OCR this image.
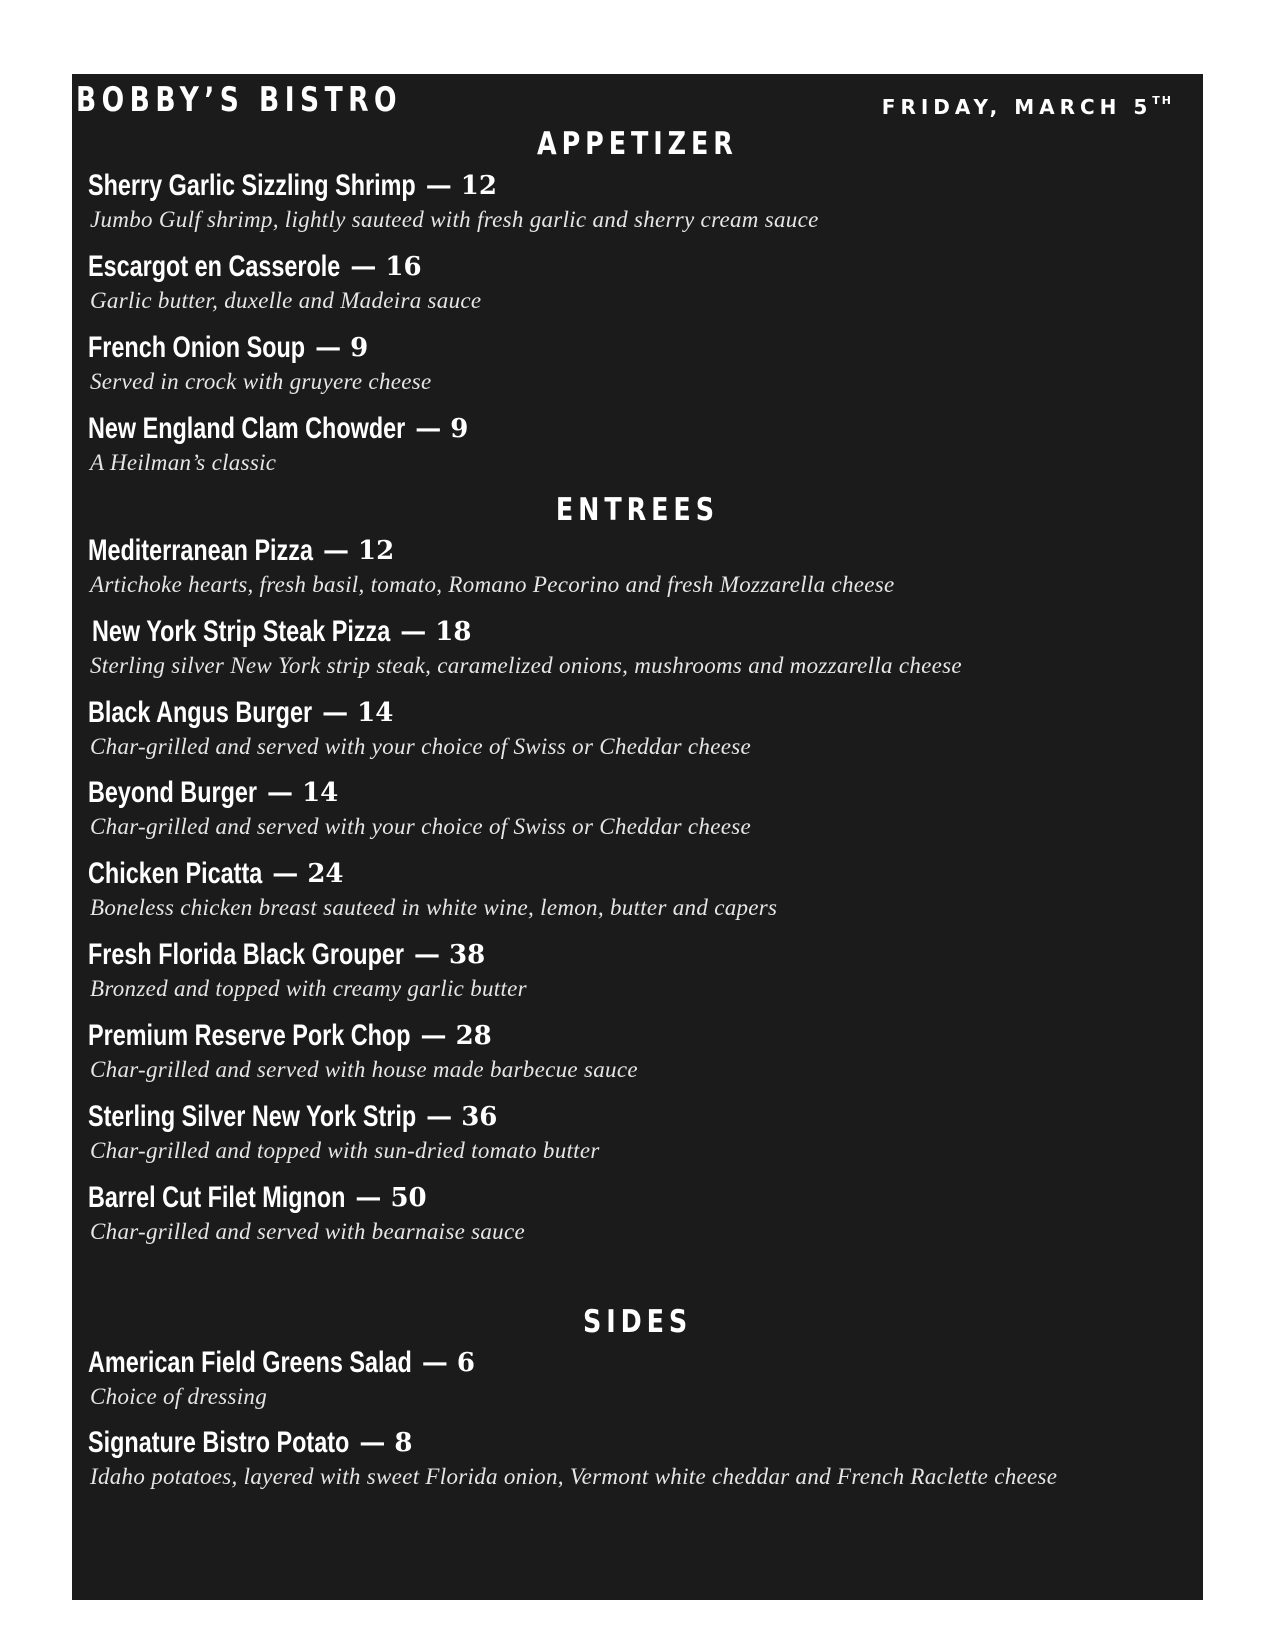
BOBBY’S BISTRO	FRIDAY, MARCH 5TH
APPETIZER
Sherry Garlic Sizzling Shrimp — 12
Jumbo Gulf shrimp, lightly sauteed with fresh garlic and sherry cream sauce
Escargot en Casserole — 16
Garlic butter, duxelle and Madeira sauce
French Onion Soup — 9
Served in crock with gruyere cheese
New England Clam Chowder — 9
A Heilman’s classic
ENTREES
Mediterranean Pizza — 12
Artichoke hearts, fresh basil, tomato, Romano Pecorino and fresh Mozzarella cheese
New York Strip Steak Pizza — 18
Sterling silver New York strip steak, caramelized onions, mushrooms and mozzarella cheese
Black Angus Burger — 14
Char-grilled and served with your choice of Swiss or Cheddar cheese
Beyond Burger — 14
Char-grilled and served with your choice of Swiss or Cheddar cheese
Chicken Picatta — 24
Boneless chicken breast sauteed in white wine, lemon, butter and capers
Fresh Florida Black Grouper — 38
Bronzed and topped with creamy garlic butter
Premium Reserve Pork Chop — 28
Char-grilled and served with house made barbecue sauce
Sterling Silver New York Strip — 36
Char-grilled and topped with sun-dried tomato butter
Barrel Cut Filet Mignon — 50
Char-grilled and served with bearnaise sauce
SIDES
American Field Greens Salad — 6
Choice of dressing
Signature Bistro Potato — 8
Idaho potatoes, layered with sweet Florida onion, Vermont white cheddar and French Raclette cheese
